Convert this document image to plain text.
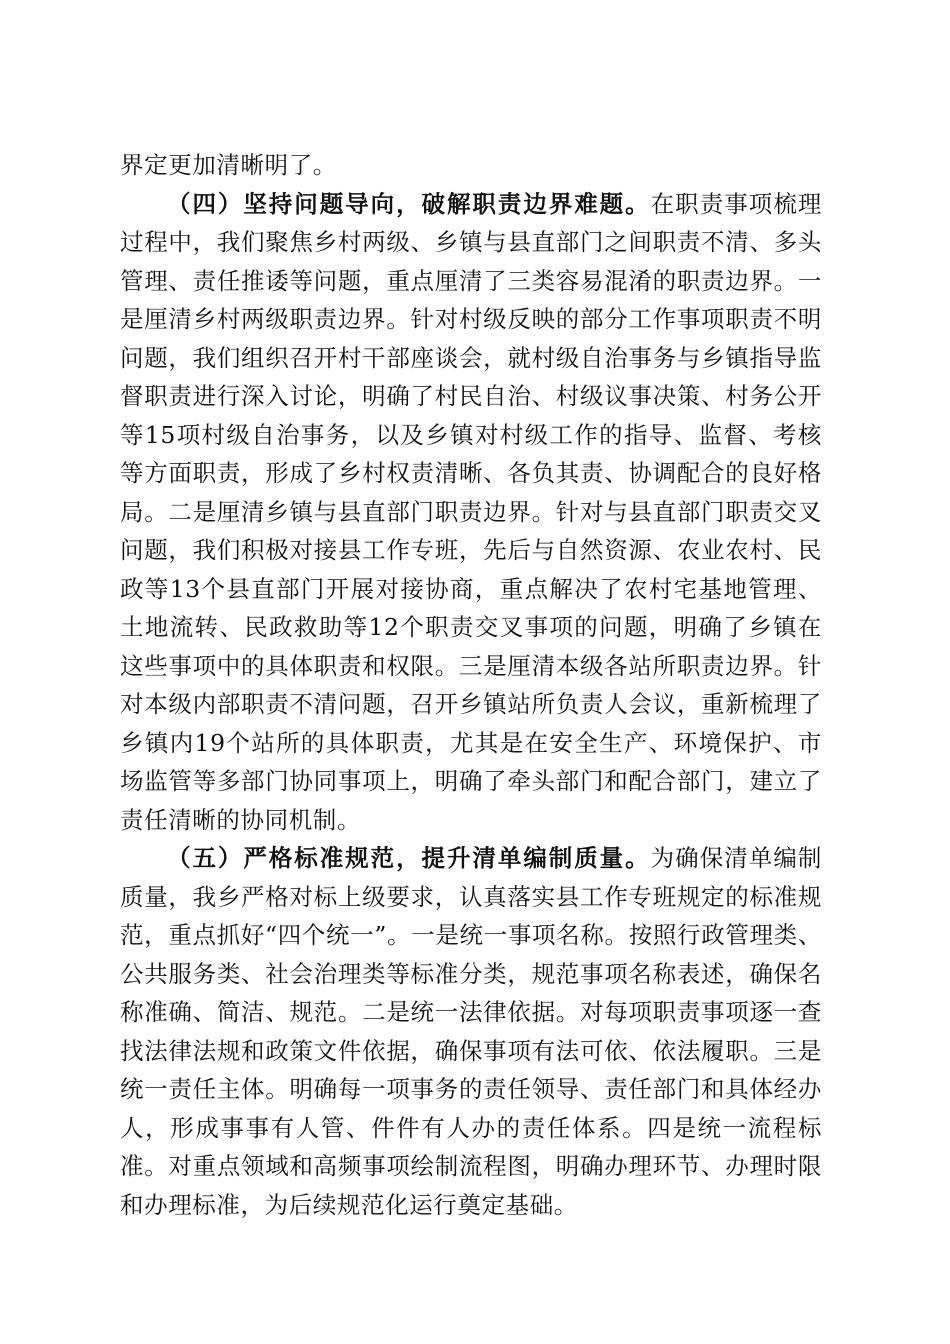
界定更加清晰明了。

（四）坚持问题导向，破解职责边界难题。在职责事项梳理过程中，我们聚焦乡村两级、乡镇与县直部门之间职责不清、多头管理、责任推诿等问题，重点厘清了三类容易混淆的职责边界。一是厘清乡村两级职责边界。针对村级反映的部分工作事项职责不明问题，我们组织召开村干部座谈会，就村级自治事务与乡镇指导监督职责进行深入讨论，明确了村民自治、村级议事决策、村务公开等15项村级自治事务，以及乡镇对村级工作的指导、监督、考核等方面职责，形成了乡村权责清晰、各负其责、协调配合的良好格局。二是厘清乡镇与县直部门职责边界。针对与县直部门职责交叉问题，我们积极对接县工作专班，先后与自然资源、农业农村、民政等13个县直部门开展对接协商，重点解决了农村宅基地管理、土地流转、民政救助等12个职责交叉事项的问题，明确了乡镇在这些事项中的具体职责和权限。三是厘清本级各站所职责边界。针对本级内部职责不清问题，召开乡镇站所负责人会议，重新梳理了乡镇内19个站所的具体职责，尤其是在安全生产、环境保护、市场监管等多部门协同事项上，明确了牵头部门和配合部门，建立了责任清晰的协同机制。

（五）严格标准规范，提升清单编制质量。为确保清单编制质量，我乡严格对标上级要求，认真落实县工作专班规定的标准规范，重点抓好“四个统一”。一是统一事项名称。按照行政管理类、公共服务类、社会治理类等标准分类，规范事项名称表述，确保名称准确、简洁、规范。二是统一法律依据。对每项职责事项逐一查找法律法规和政策文件依据，确保事项有法可依、依法履职。三是统一责任主体。明确每一项事务的责任领导、责任部门和具体经办人，形成事事有人管、件件有人办的责任体系。四是统一流程标准。对重点领域和高频事项绘制流程图，明确办理环节、办理时限和办理标准，为后续规范化运行奠定基础。
